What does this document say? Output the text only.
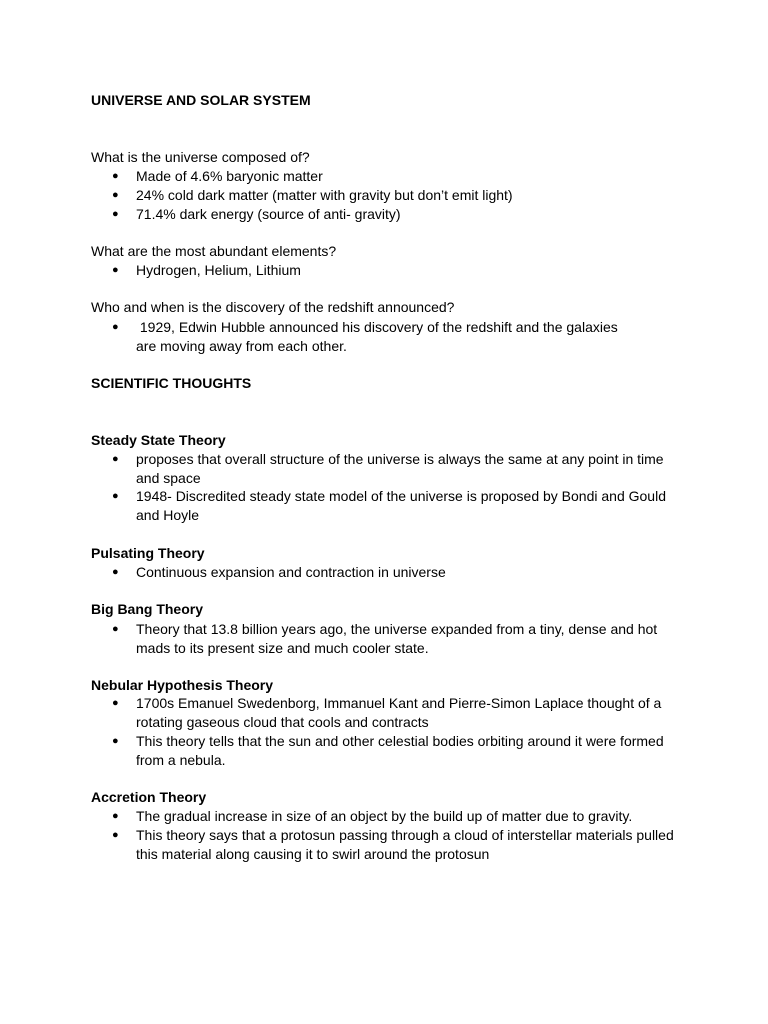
UNIVERSE AND SOLAR SYSTEM
What is the universe composed of?
● Made of 4.6% baryonic matter
● 24% cold dark matter (matter with gravity but don’t emit light)
● 71.4% dark energy (source of anti- gravity)
What are the most abundant elements?
● Hydrogen, Helium, Lithium
Who and when is the discovery of the redshift announced?
● 1929, Edwin Hubble announced his discovery of the redshift and the galaxies are moving away from each other.
SCIENTIFIC THOUGHTS
Steady State Theory
● proposes that overall structure of the universe is always the same at any point in time and space
● 1948- Discredited steady state model of the universe is proposed by Bondi and Gould and Hoyle
Pulsating Theory
● Continuous expansion and contraction in universe
Big Bang Theory
● Theory that 13.8 billion years ago, the universe expanded from a tiny, dense and hot mads to its present size and much cooler state.
Nebular Hypothesis Theory
● 1700s Emanuel Swedenborg, Immanuel Kant and Pierre-Simon Laplace thought of a rotating gaseous cloud that cools and contracts
● This theory tells that the sun and other celestial bodies orbiting around it were formed from a nebula.
Accretion Theory
● The gradual increase in size of an object by the build up of matter due to gravity.
● This theory says that a protosun passing through a cloud of interstellar materials pulled this material along causing it to swirl around the protosun
